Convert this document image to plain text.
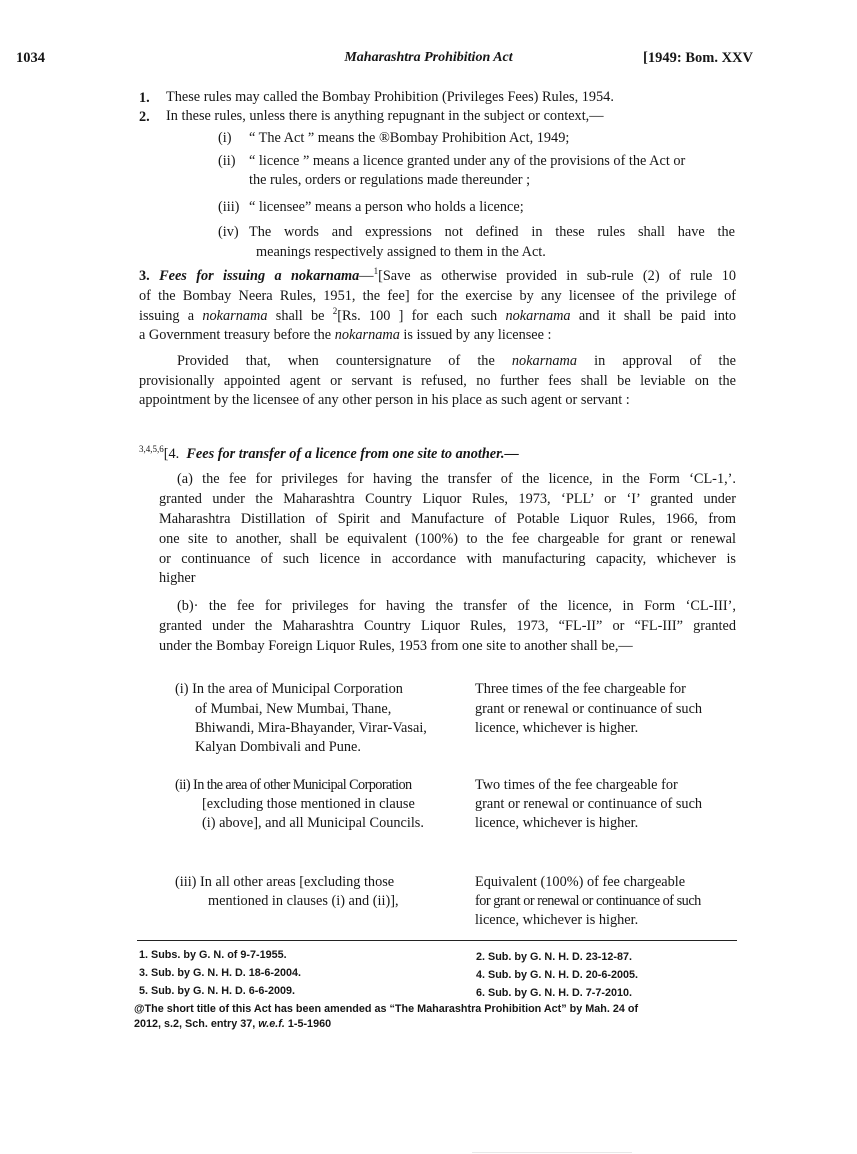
1034	Maharashtra Prohibition Act	[1949: Bom. XXV
1. These rules may called the Bombay Prohibition (Privileges Fees) Rules, 1954.
2. In these rules, unless there is anything repugnant in the subject or context,—
(i) “ The Act ” means the ®Bombay Prohibition Act, 1949;
(ii) “ licence ” means a licence granted under any of the provisions of the Act or
the rules, orders or regulations made thereunder ;
(iii) “ licensee” means a person who holds a licence;
(iv) The words and expressions not defined in these rules shall have the
meanings respectively assigned to them in the Act.
3. Fees for issuing a nokarnama—$^1$[Save as otherwise provided in sub-rule (2) of rule 10
of the Bombay Neera Rules, 1951, the fee] for the exercise by any licensee of the privilege of
issuing a nokarnama shall be $^2$[Rs. 100 ] for each such nokarnama and it shall be paid into
a Government treasury before the nokarnama is issued by any licensee :
Provided that, when countersignature of the nokarnama in approval of the
provisionally appointed agent or servant is refused, no further fees shall be leviable on the
appointment by the licensee of any other person in his place as such agent or servant :
$^{3,4,5,6}$[4. Fees for transfer of a licence from one site to another.—
(a) the fee for privileges for having the transfer of the licence, in the Form ‘CL-1,’.
granted under the Maharashtra Country Liquor Rules, 1973, ‘PLL’ or ‘I’ granted under
Maharashtra Distillation of Spirit and Manufacture of Potable Liquor Rules, 1966, from
one site to another, shall be equivalent (100%) to the fee chargeable for grant or renewal
or continuance of such licence in accordance with manufacturing capacity, whichever is
higher
(b)· the fee for privileges for having the transfer of the licence, in Form ‘CL-III’,
granted under the Maharashtra Country Liquor Rules, 1973, “FL-II” or “FL-III” granted
under the Bombay Foreign Liquor Rules, 1953 from one site to another shall be,—
(i) In the area of Municipal Corporation
of Mumbai, New Mumbai, Thane,
Bhiwandi, Mira-Bhayander, Virar-Vasai,
Kalyan Dombivali and Pune.
Three times of the fee chargeable for
grant or renewal or continuance of such
licence, whichever is higher.
(ii) In the area of other Municipal Corporation
[excluding those mentioned in clause
(i) above], and all Municipal Councils.
Two times of the fee chargeable for
grant or renewal or continuance of such
licence, whichever is higher.
(iii) In all other areas [excluding those
mentioned in clauses (i) and (ii)],
Equivalent (100%) of fee chargeable
for grant or renewal or continuance of such
licence, whichever is higher.
1. Subs. by G. N. of 9-7-1955.
3. Sub. by G. N. H. D. 18-6-2004.
5. Sub. by G. N. H. D. 6-6-2009.
2. Sub. by G. N. H. D. 23-12-87.
4. Sub. by G. N. H. D. 20-6-2005.
6. Sub. by G. N. H. D. 7-7-2010.
@The short title of this Act has been amended as “The Maharashtra Prohibition Act” by Mah. 24 of
2012, s.2, Sch. entry 37, w.e.f. 1-5-1960
